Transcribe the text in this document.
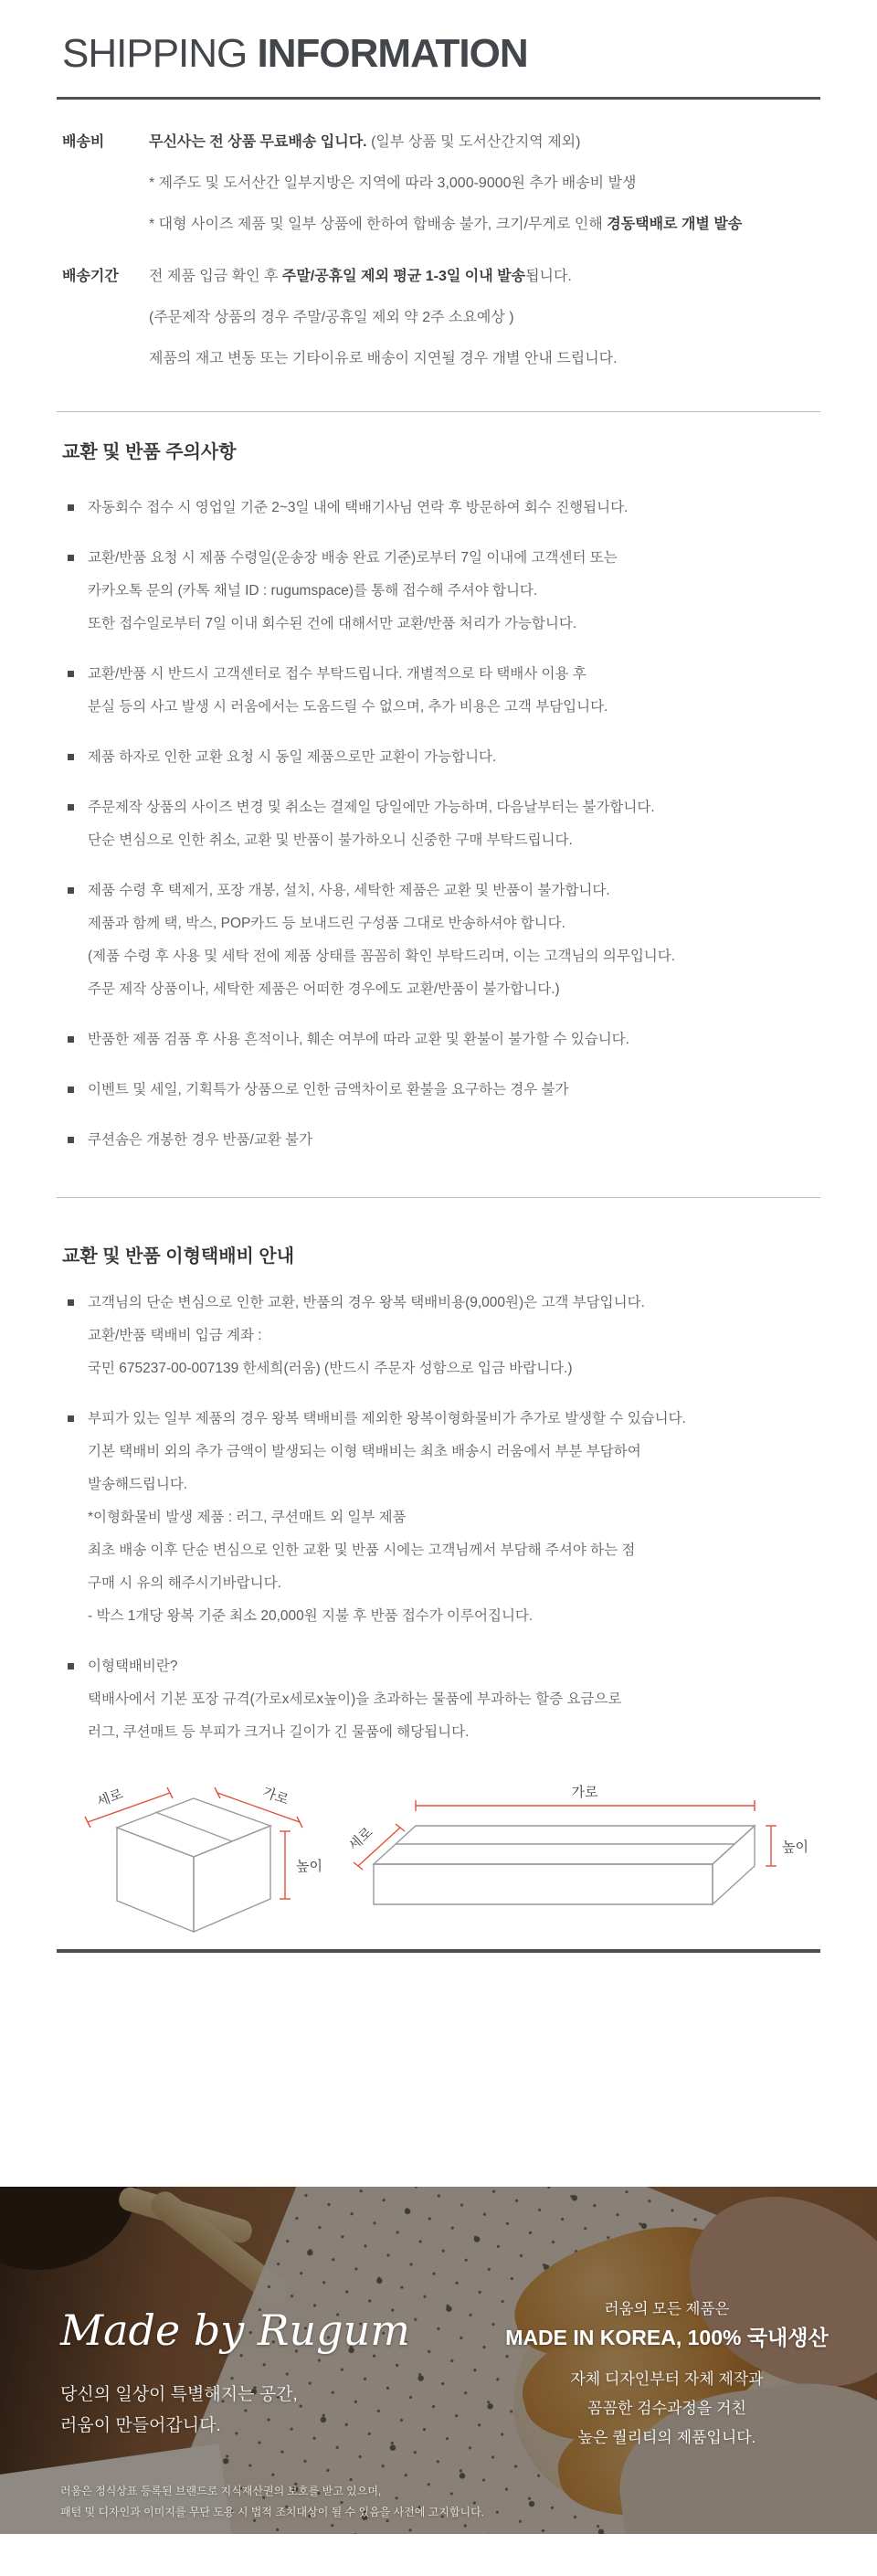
SHIPPING INFORMATION
배송비	무신사는 전 상품 무료배송 입니다. (일부 상품 및 도서산간지역 제외)
* 제주도 및 도서산간 일부지방은 지역에 따라 3,000-9000원 추가 배송비 발생
* 대형 사이즈 제품 및 일부 상품에 한하여 합배송 불가, 크기/무게로 인해 경동택배로 개별 발송
배송기간	전 제품 입금 확인 후 주말/공휴일 제외 평균 1-3일 이내 발송됩니다.
(주문제작 상품의 경우 주말/공휴일 제외 약 2주 소요예상 )
제품의 재고 변동 또는 기타이유로 배송이 지연될 경우 개별 안내 드립니다.
교환 및 반품 주의사항
자동회수 접수 시 영업일 기준 2~3일 내에 택배기사님 연락 후 방문하여 회수 진행됩니다.
교환/반품 요청 시 제품 수령일(운송장 배송 완료 기준)로부터 7일 이내에 고객센터 또는
카카오톡 문의 (카톡 채널 ID : rugumspace)를 통해 접수해 주셔야 합니다.
또한 접수일로부터 7일 이내 회수된 건에 대해서만 교환/반품 처리가 가능합니다.
교환/반품 시 반드시 고객센터로 접수 부탁드립니다. 개별적으로 타 택배사 이용 후
분실 등의 사고 발생 시 러움에서는 도움드릴 수 없으며, 추가 비용은 고객 부담입니다.
제품 하자로 인한 교환 요청 시 동일 제품으로만 교환이 가능합니다.
주문제작 상품의 사이즈 변경 및 취소는 결제일 당일에만 가능하며, 다음날부터는 불가합니다.
단순 변심으로 인한 취소, 교환 및 반품이 불가하오니 신중한 구매 부탁드립니다.
제품 수령 후 택제거, 포장 개봉, 설치, 사용, 세탁한 제품은 교환 및 반품이 불가합니다.
제품과 함께 택, 박스, POP카드 등 보내드린 구성품 그대로 반송하셔야 합니다.
(제품 수령 후 사용 및 세탁 전에 제품 상태를 꼼꼼히 확인 부탁드리며, 이는 고객님의 의무입니다.
주문 제작 상품이나, 세탁한 제품은 어떠한 경우에도 교환/반품이 불가합니다.)
반품한 제품 검품 후 사용 흔적이나, 훼손 여부에 따라 교환 및 환불이 불가할 수 있습니다.
이벤트 및 세일, 기획특가 상품으로 인한 금액차이로 환불을 요구하는 경우 불가
쿠션솜은 개봉한 경우 반품/교환 불가
교환 및 반품 이형택배비 안내
고객님의 단순 변심으로 인한 교환, 반품의 경우 왕복 택배비용(9,000원)은 고객 부담입니다.
교환/반품 택배비 입금 계좌 :
국민 675237-00-007139 한세희(러움) (반드시 주문자 성함으로 입금 바랍니다.)
부피가 있는 일부 제품의 경우 왕복 택배비를 제외한 왕복이형화물비가 추가로 발생할 수 있습니다.
기본 택배비 외의 추가 금액이 발생되는 이형 택배비는 최초 배송시 러움에서 부분 부담하여
발송해드립니다.
*이형화물비 발생 제품 : 러그, 쿠션매트 외 일부 제품
최초 배송 이후 단순 변심으로 인한 교환 및 반품 시에는 고객님께서 부담해 주셔야 하는 점
구매 시 유의 해주시기바랍니다.
- 박스 1개당 왕복 기준 최소 20,000원 지불 후 반품 접수가 이루어집니다.
이형택배비란?
택배사에서 기본 포장 규격(가로x세로x높이)을 초과하는 물품에 부과하는 할증 요금으로
러그, 쿠션매트 등 부피가 크거나 길이가 긴 물품에 해당됩니다.
세로	가로
높이
가로
세로	높이
Made by Rugum
당신의 일상이 특별해지는 공간,
러움이 만들어갑니다.
러움은 정식상표 등록된 브랜드로 지식재산권의 보호를 받고 있으며,
패턴 및 디자인과 이미지를 무단 도용 시 법적 조치대상이 될 수 있음을 사전에 고지합니다.
러움의 모든 제품은
MADE IN KOREA, 100% 국내생산
자체 디자인부터 자체 제작과
꼼꼼한 검수과정을 거친
높은 퀄리티의 제품입니다.
